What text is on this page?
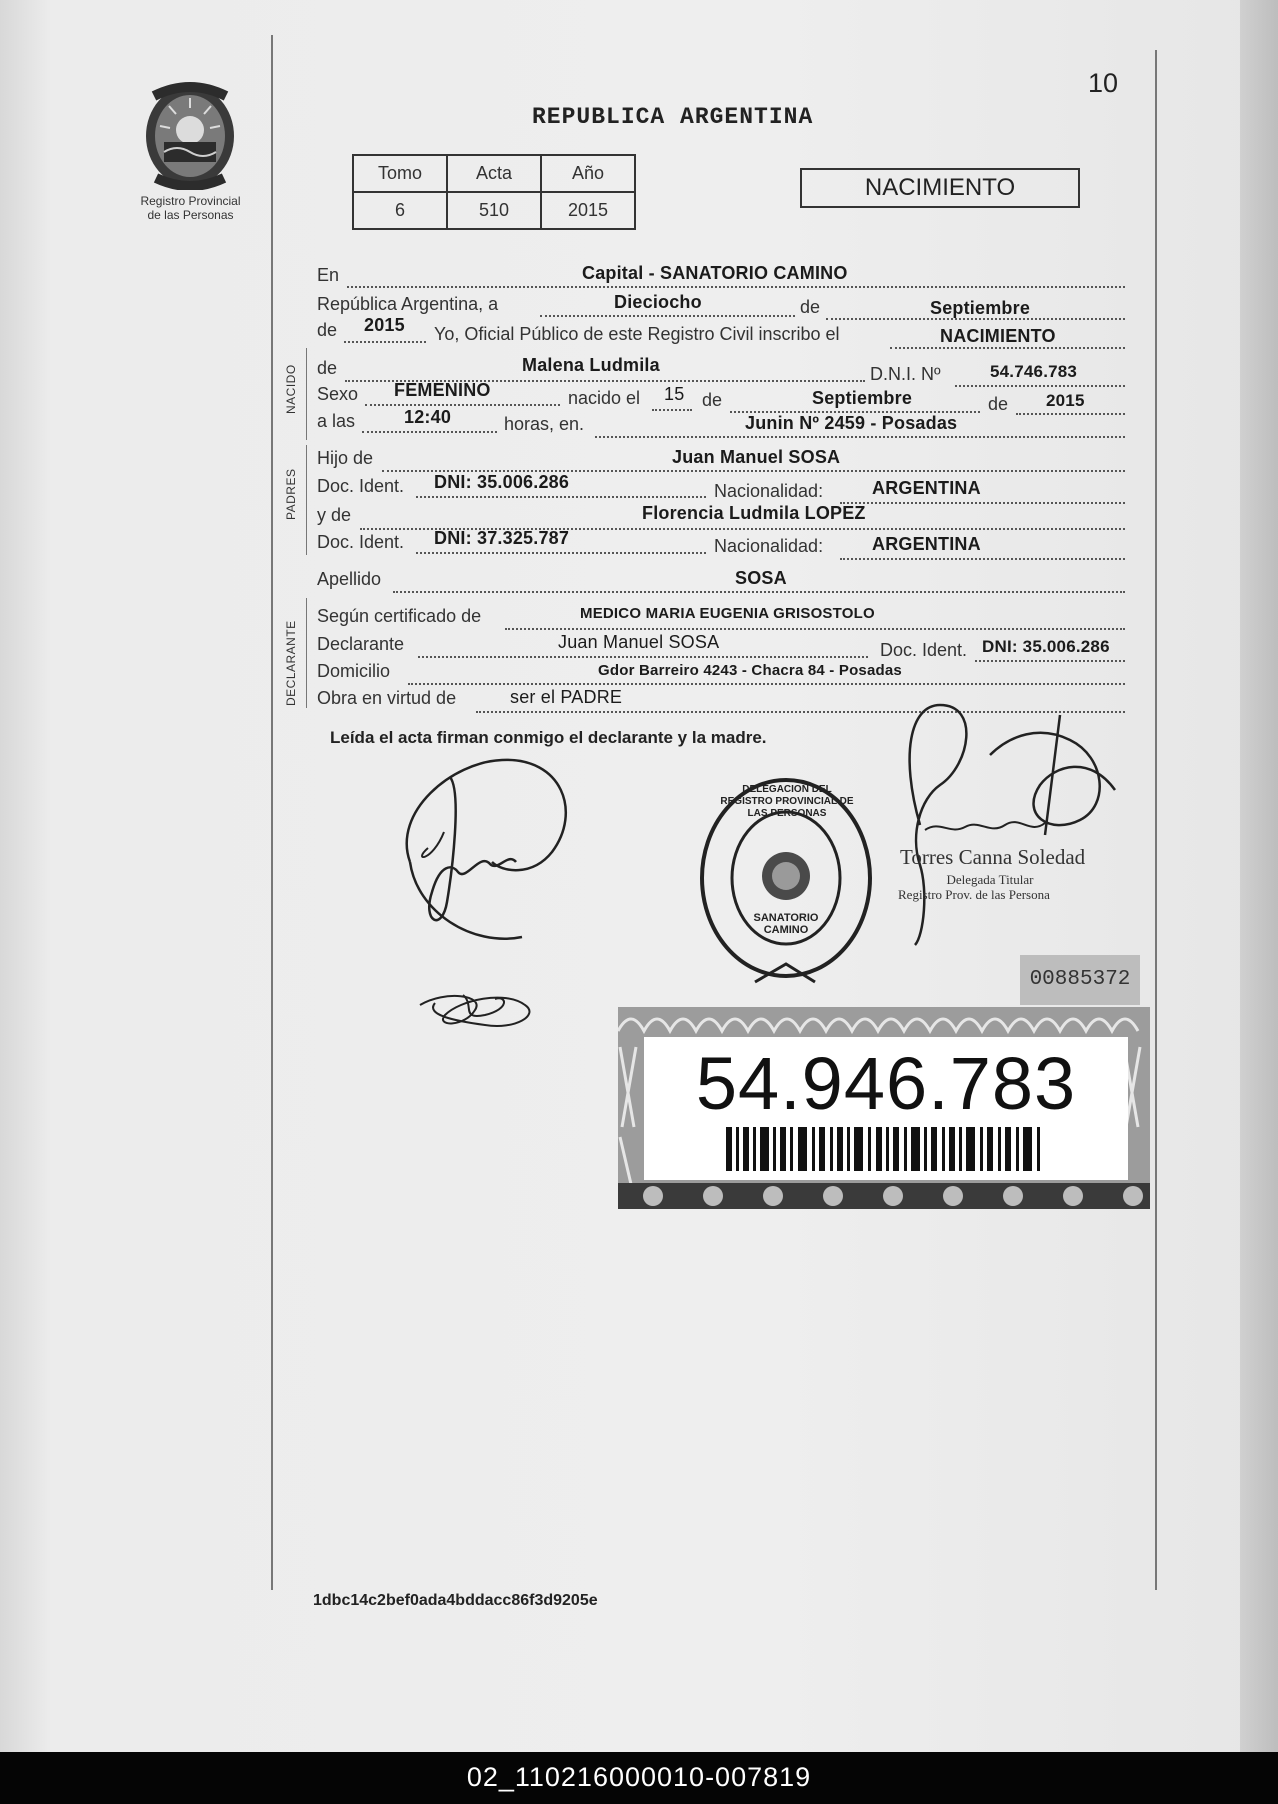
10
Registro Provincial
de las Personas
REPUBLICA ARGENTINA
Tomo	Acta	Año
6	510	2015
NACIMIENTO
NACIDO
PADRES
DECLARANTE
En	Capital - SANATORIO CAMINO
República Argentina, a	Dieciocho	de	Septiembre
de 2015 Yo, Oficial Público de este Registro Civil inscribo el	NACIMIENTO
de	Malena Ludmila	D.N.I. Nº	54.746.783
Sexo FEMENINO	nacido el 15 de	Septiembre	de 2015
a las	12:40	horas, en.	Junin Nº 2459 - Posadas
Hijo de	Juan Manuel SOSA
Doc. Ident. DNI: 35.006.286	Nacionalidad:	ARGENTINA
y de	Florencia Ludmila LOPEZ
Doc. Ident. DNI: 37.325.787	Nacionalidad:	ARGENTINA
Apellido	SOSA
Según certificado de	MEDICO MARIA EUGENIA GRISOSTOLO
Declarante	Juan Manuel SOSA	Doc. Ident. DNI: 35.006.286
Domicilio	Gdor Barreiro 4243 - Chacra 84 - Posadas
Obra en virtud de	ser el PADRE
Leída el acta firman conmigo el declarante y la madre.
DELEGACION DEL REGISTRO PROVINCIAL DE LAS PERSONAS
SANATORIO CAMINO
Torres Canna Soledad
Delegada Titular
Registro Prov. de las Persona
00885372
54.946.783
1dbc14c2bef0ada4bddacc86f3d9205e
02_110216000010-007819
